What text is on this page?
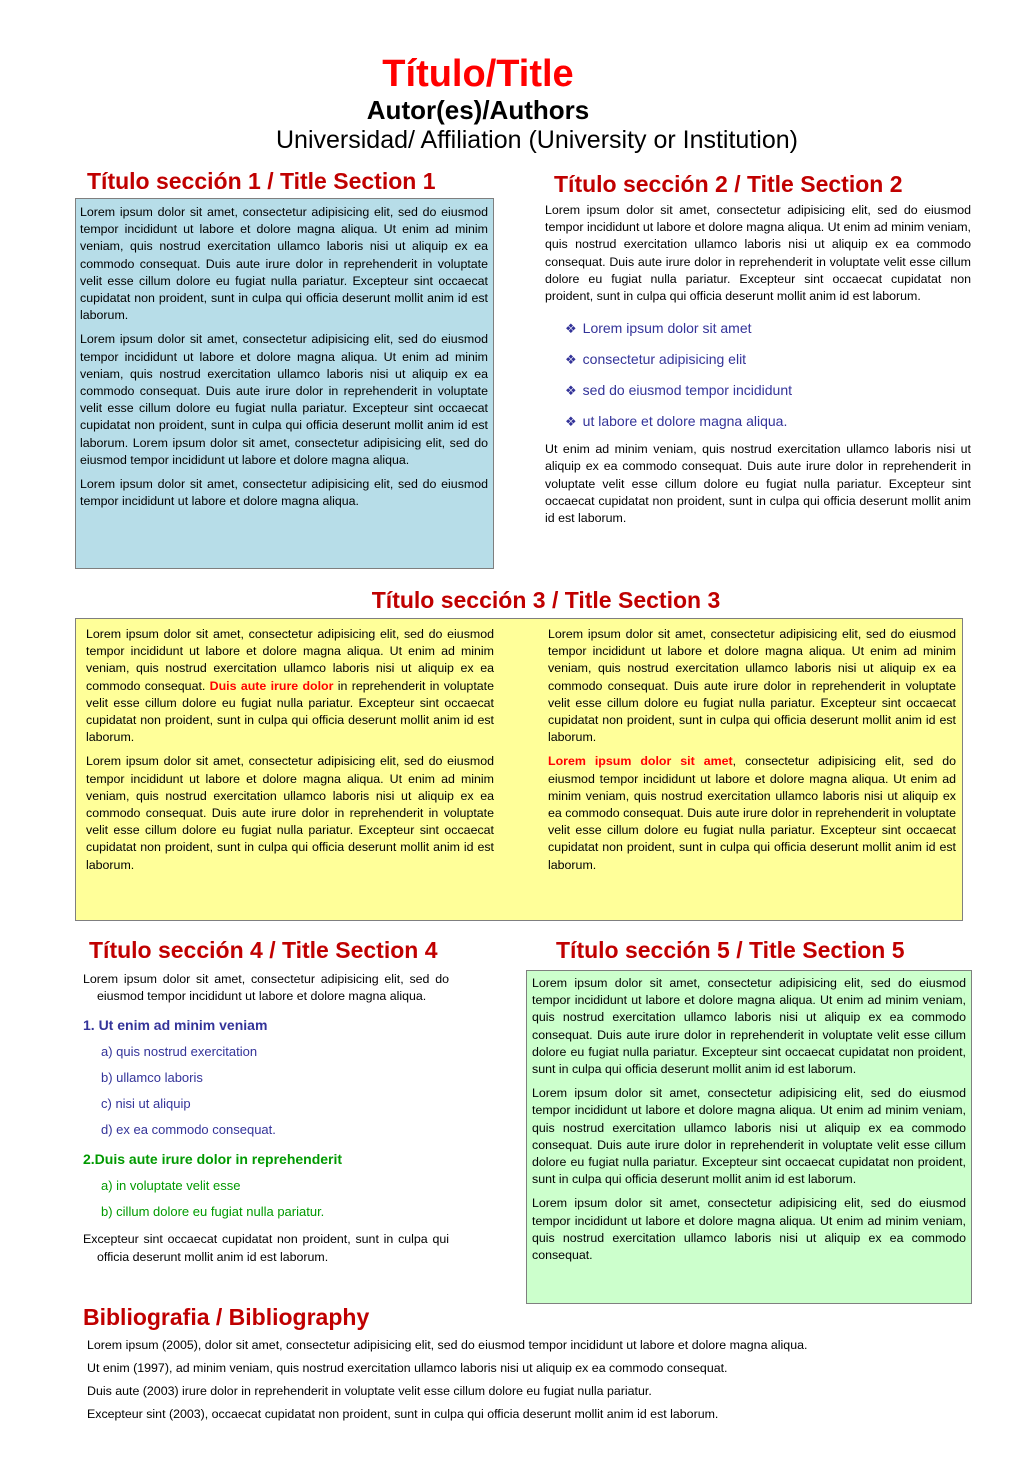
Título/Title
Autor(es)/Authors
Universidad/ Affiliation (University or Institution)
Título sección 1 / Title Section 1

Lorem ipsum dolor sit amet, consectetur adipisicing elit, sed do eiusmod tempor incididunt ut labore et dolore magna aliqua. Ut enim ad minim veniam, quis nostrud exercitation ullamco laboris nisi ut aliquip ex ea commodo consequat. Duis aute irure dolor in reprehenderit in voluptate velit esse cillum dolore eu fugiat nulla pariatur. Excepteur sint occaecat cupidatat non proident, sunt in culpa qui officia deserunt mollit anim id est laborum.

Lorem ipsum dolor sit amet, consectetur adipisicing elit, sed do eiusmod tempor incididunt ut labore et dolore magna aliqua. Ut enim ad minim veniam, quis nostrud exercitation ullamco laboris nisi ut aliquip ex ea commodo consequat. Duis aute irure dolor in reprehenderit in voluptate velit esse cillum dolore eu fugiat nulla pariatur. Excepteur sint occaecat cupidatat non proident, sunt in culpa qui officia deserunt mollit anim id est laborum. Lorem ipsum dolor sit amet, consectetur adipisicing elit, sed do eiusmod tempor incididunt ut labore et dolore magna aliqua.

Lorem ipsum dolor sit amet, consectetur adipisicing elit, sed do eiusmod tempor incididunt ut labore et dolore magna aliqua.

Título sección 2 / Title Section 2

Lorem ipsum dolor sit amet, consectetur adipisicing elit, sed do eiusmod tempor incididunt ut labore et dolore magna aliqua. Ut enim ad minim veniam, quis nostrud exercitation ullamco laboris nisi ut aliquip ex ea commodo consequat. Duis aute irure dolor in reprehenderit in voluptate velit esse cillum dolore eu fugiat nulla pariatur. Excepteur sint occaecat cupidatat non proident, sunt in culpa qui officia deserunt mollit anim id est laborum.

❖ Lorem ipsum dolor sit amet
❖ consectetur adipisicing elit
❖ sed do eiusmod tempor incididunt
❖ ut labore et dolore magna aliqua.

Ut enim ad minim veniam, quis nostrud exercitation ullamco laboris nisi ut aliquip ex ea commodo consequat. Duis aute irure dolor in reprehenderit in voluptate velit esse cillum dolore eu fugiat nulla pariatur. Excepteur sint occaecat cupidatat non proident, sunt in culpa qui officia deserunt mollit anim id est laborum.

Título sección 3 / Title Section 3

Lorem ipsum dolor sit amet, consectetur adipisicing elit, sed do eiusmod tempor incididunt ut labore et dolore magna aliqua. Ut enim ad minim veniam, quis nostrud exercitation ullamco laboris nisi ut aliquip ex ea commodo consequat. Duis aute irure dolor in reprehenderit in voluptate velit esse cillum dolore eu fugiat nulla pariatur. Excepteur sint occaecat cupidatat non proident, sunt in culpa qui officia deserunt mollit anim id est laborum.

Lorem ipsum dolor sit amet, consectetur adipisicing elit, sed do eiusmod tempor incididunt ut labore et dolore magna aliqua. Ut enim ad minim veniam, quis nostrud exercitation ullamco laboris nisi ut aliquip ex ea commodo consequat. Duis aute irure dolor in reprehenderit in voluptate velit esse cillum dolore eu fugiat nulla pariatur. Excepteur sint occaecat cupidatat non proident, sunt in culpa qui officia deserunt mollit anim id est laborum.

Lorem ipsum dolor sit amet, consectetur adipisicing elit, sed do eiusmod tempor incididunt ut labore et dolore magna aliqua. Ut enim ad minim veniam, quis nostrud exercitation ullamco laboris nisi ut aliquip ex ea commodo consequat. Duis aute irure dolor in reprehenderit in voluptate velit esse cillum dolore eu fugiat nulla pariatur. Excepteur sint occaecat cupidatat non proident, sunt in culpa qui officia deserunt mollit anim id est laborum.

Lorem ipsum dolor sit amet, consectetur adipisicing elit, sed do eiusmod tempor incididunt ut labore et dolore magna aliqua. Ut enim ad minim veniam, quis nostrud exercitation ullamco laboris nisi ut aliquip ex ea commodo consequat. Duis aute irure dolor in reprehenderit in voluptate velit esse cillum dolore eu fugiat nulla pariatur. Excepteur sint occaecat cupidatat non proident, sunt in culpa qui officia deserunt mollit anim id est laborum.

Título sección 4 / Title Section 4

Lorem ipsum dolor sit amet, consectetur adipisicing elit, sed do eiusmod tempor incididunt ut labore et dolore magna aliqua.

1. Ut enim ad minim veniam
a) quis nostrud exercitation
b) ullamco laboris
c) nisi ut aliquip
d) ex ea commodo consequat.
2.Duis aute irure dolor in reprehenderit
a) in voluptate velit esse
b) cillum dolore eu fugiat nulla pariatur.

Excepteur sint occaecat cupidatat non proident, sunt in culpa qui officia deserunt mollit anim id est laborum.

Título sección 5 / Title Section 5

Lorem ipsum dolor sit amet, consectetur adipisicing elit, sed do eiusmod tempor incididunt ut labore et dolore magna aliqua. Ut enim ad minim veniam, quis nostrud exercitation ullamco laboris nisi ut aliquip ex ea commodo consequat. Duis aute irure dolor in reprehenderit in voluptate velit esse cillum dolore eu fugiat nulla pariatur. Excepteur sint occaecat cupidatat non proident, sunt in culpa qui officia deserunt mollit anim id est laborum.

Lorem ipsum dolor sit amet, consectetur adipisicing elit, sed do eiusmod tempor incididunt ut labore et dolore magna aliqua. Ut enim ad minim veniam, quis nostrud exercitation ullamco laboris nisi ut aliquip ex ea commodo consequat. Duis aute irure dolor in reprehenderit in voluptate velit esse cillum dolore eu fugiat nulla pariatur. Excepteur sint occaecat cupidatat non proident, sunt in culpa qui officia deserunt mollit anim id est laborum.

Lorem ipsum dolor sit amet, consectetur adipisicing elit, sed do eiusmod tempor incididunt ut labore et dolore magna aliqua. Ut enim ad minim veniam, quis nostrud exercitation ullamco laboris nisi ut aliquip ex ea commodo consequat.

Bibliografia / Bibliography
Lorem ipsum (2005), dolor sit amet, consectetur adipisicing elit, sed do eiusmod tempor incididunt ut labore et dolore magna aliqua.
Ut enim (1997), ad minim veniam, quis nostrud exercitation ullamco laboris nisi ut aliquip ex ea commodo consequat.
Duis aute (2003) irure dolor in reprehenderit in voluptate velit esse cillum dolore eu fugiat nulla pariatur.
Excepteur sint (2003), occaecat cupidatat non proident, sunt in culpa qui officia deserunt mollit anim id est laborum.
